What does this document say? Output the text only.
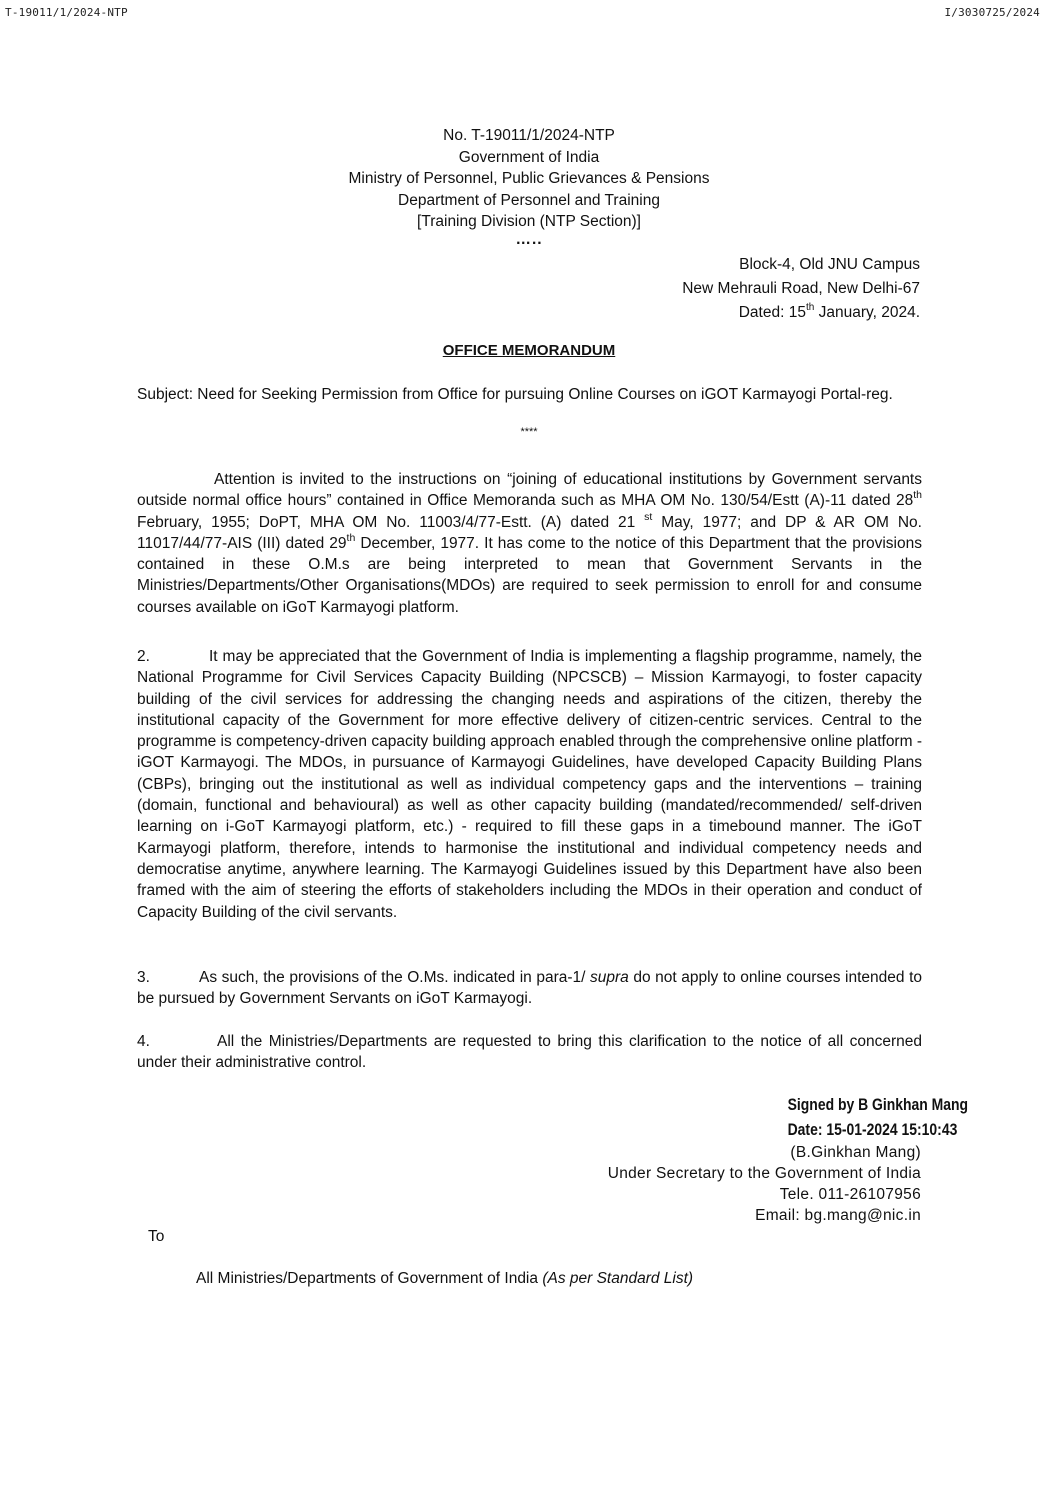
T-19011/1/2024-NTP	I/3030725/2024
No. T-19011/1/2024-NTP
Government of India
Ministry of Personnel, Public Grievances & Pensions
Department of Personnel and Training
[Training Division (NTP Section)]
…..
Block-4, Old JNU Campus
New Mehrauli Road, New Delhi-67
Dated: 15th January, 2024.
OFFICE MEMORANDUM
Subject: Need for Seeking Permission from Office for pursuing Online Courses on iGOT Karmayogi Portal-reg.
****
Attention is invited to the instructions on “joining of educational institutions by Government servants outside normal office hours” contained in Office Memoranda such as MHA OM No. 130/54/Estt (A)-11 dated 28th February, 1955; DoPT, MHA OM No. 11003/4/77-Estt. (A) dated 21 $^{st}$ May, 1977; and DP & AR OM No. 11017/44/77-AIS (III) dated 29th December, 1977. It has come to the notice of this Department that the provisions contained in these O.M.s are being interpreted to mean that Government Servants in the Ministries/Departments/Other Organisations(MDOs) are required to seek permission to enroll for and consume courses available on iGoT Karmayogi platform.
2.	It may be appreciated that the Government of India is implementing a flagship programme, namely, the National Programme for Civil Services Capacity Building (NPCSCB) – Mission Karmayogi, to foster capacity building of the civil services for addressing the changing needs and aspirations of the citizen, thereby the institutional capacity of the Government for more effective delivery of citizen-centric services. Central to the programme is competency-driven capacity building approach enabled through the comprehensive online platform - iGOT Karmayogi. The MDOs, in pursuance of Karmayogi Guidelines, have developed Capacity Building Plans (CBPs), bringing out the institutional as well as individual competency gaps and the interventions – training (domain, functional and behavioural) as well as other capacity building (mandated/recommended/ self-driven learning on i-GoT Karmayogi platform, etc.) - required to fill these gaps in a timebound manner. The iGoT Karmayogi platform, therefore, intends to harmonise the institutional and individual competency needs and democratise anytime, anywhere learning. The Karmayogi Guidelines issued by this Department have also been framed with the aim of steering the efforts of stakeholders including the MDOs in their operation and conduct of Capacity Building of the civil servants.
3.	As such, the provisions of the O.Ms. indicated in para-1/ supra do not apply to online courses intended to be pursued by Government Servants on iGoT Karmayogi.
4.	All the Ministries/Departments are requested to bring this clarification to the notice of all concerned under their administrative control.
Signed by B Ginkhan Mang
Date: 15-01-2024 15:10:43
(B.Ginkhan Mang)
Under Secretary to the Government of India
Tele. 011-26107956
Email: bg.mang@nic.in
To
All Ministries/Departments of Government of India (As per Standard List)
